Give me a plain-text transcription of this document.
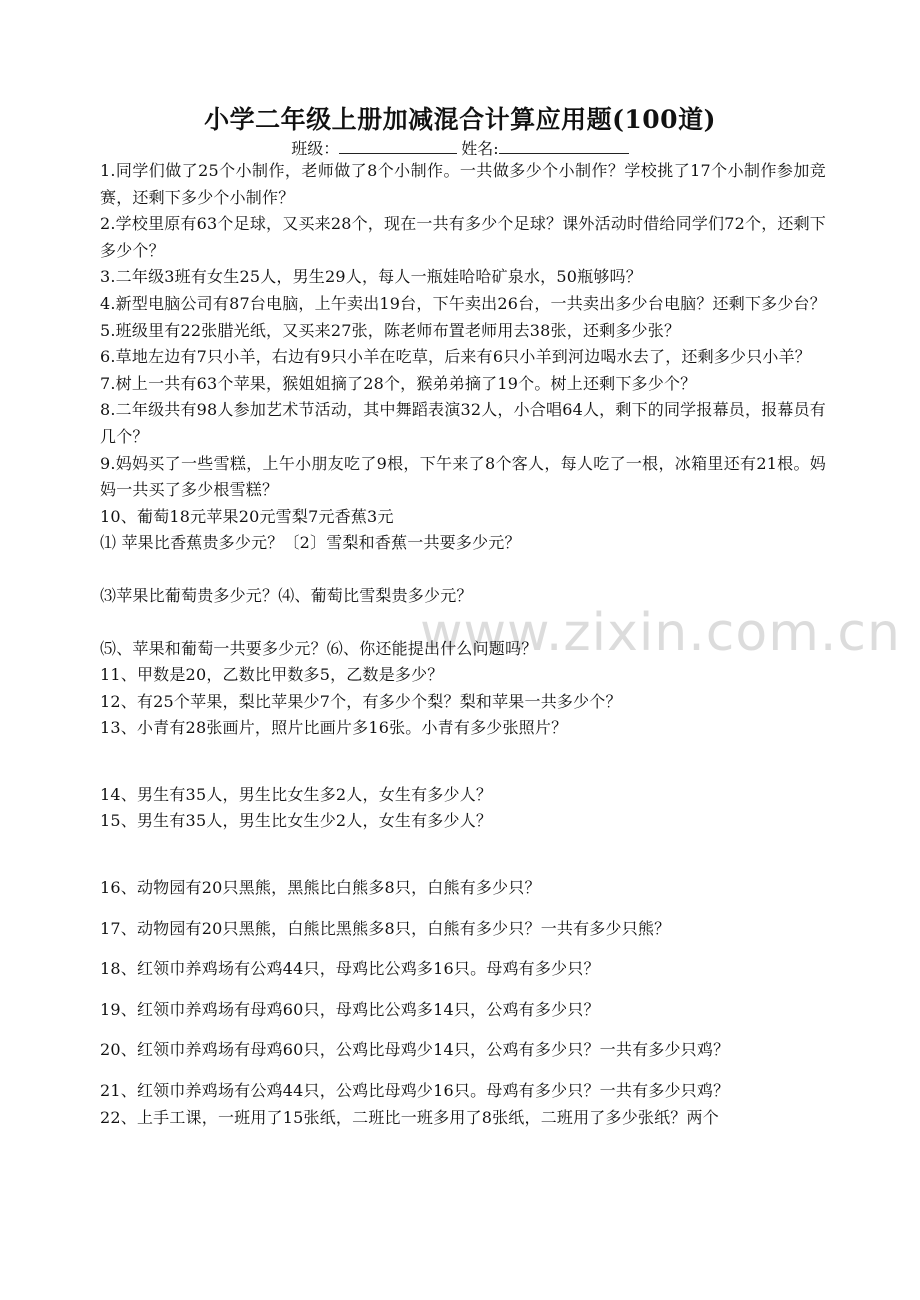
小学二年级上册加减混合计算应用题(100道)
班级：	姓名:
www.zixin.com.cn

1.同学们做了25个小制作，老师做了8个小制作。一共做多少个小制作？学校挑了17个小制作参加竞赛，还剩下多少个小制作？

2.学校里原有63个足球，又买来28个，现在一共有多少个足球？课外活动时借给同学们72个，还剩下多少个？

3.二年级3班有女生25人，男生29人，每人一瓶娃哈哈矿泉水，50瓶够吗？

4.新型电脑公司有87台电脑，上午卖出19台，下午卖出26台，一共卖出多少台电脑？还剩下多少台？

5.班级里有22张腊光纸，又买来27张，陈老师布置老师用去38张，还剩多少张？

6.草地左边有7只小羊，右边有9只小羊在吃草，后来有6只小羊到河边喝水去了，还剩多少只小羊？

7.树上一共有63个苹果，猴姐姐摘了28个，猴弟弟摘了19个。树上还剩下多少个？

8.二年级共有98人参加艺术节活动，其中舞蹈表演32人，小合唱64人，剩下的同学报幕员，报幕员有几个？

9.妈妈买了一些雪糕，上午小朋友吃了9根，下午来了8个客人，每人吃了一根，冰箱里还有21根。妈妈一共买了多少根雪糕？

10、葡萄18元苹果20元雪梨7元香蕉3元

⑴ 苹果比香蕉贵多少元？〔2〕雪梨和香蕉一共要多少元？

⑶苹果比葡萄贵多少元？⑷、葡萄比雪梨贵多少元？

⑸、苹果和葡萄一共要多少元？⑹、你还能提出什么问题吗？

11、甲数是20，乙数比甲数多5，乙数是多少？

12、有25个苹果，梨比苹果少7个，有多少个梨？梨和苹果一共多少个？

13、小青有28张画片，照片比画片多16张。小青有多少张照片？

14、男生有35人，男生比女生多2人，女生有多少人？

15、男生有35人，男生比女生少2人，女生有多少人？

16、动物园有20只黑熊，黑熊比白熊多8只，白熊有多少只？

17、动物园有20只黑熊，白熊比黑熊多8只，白熊有多少只？一共有多少只熊？

18、红领巾养鸡场有公鸡44只，母鸡比公鸡多16只。母鸡有多少只？

19、红领巾养鸡场有母鸡60只，母鸡比公鸡多14只，公鸡有多少只？

20、红领巾养鸡场有母鸡60只，公鸡比母鸡少14只，公鸡有多少只？一共有多少只鸡？

21、红领巾养鸡场有公鸡44只，公鸡比母鸡少16只。母鸡有多少只？一共有多少只鸡？

22、上手工课，一班用了15张纸，二班比一班多用了8张纸，二班用了多少张纸？两个
